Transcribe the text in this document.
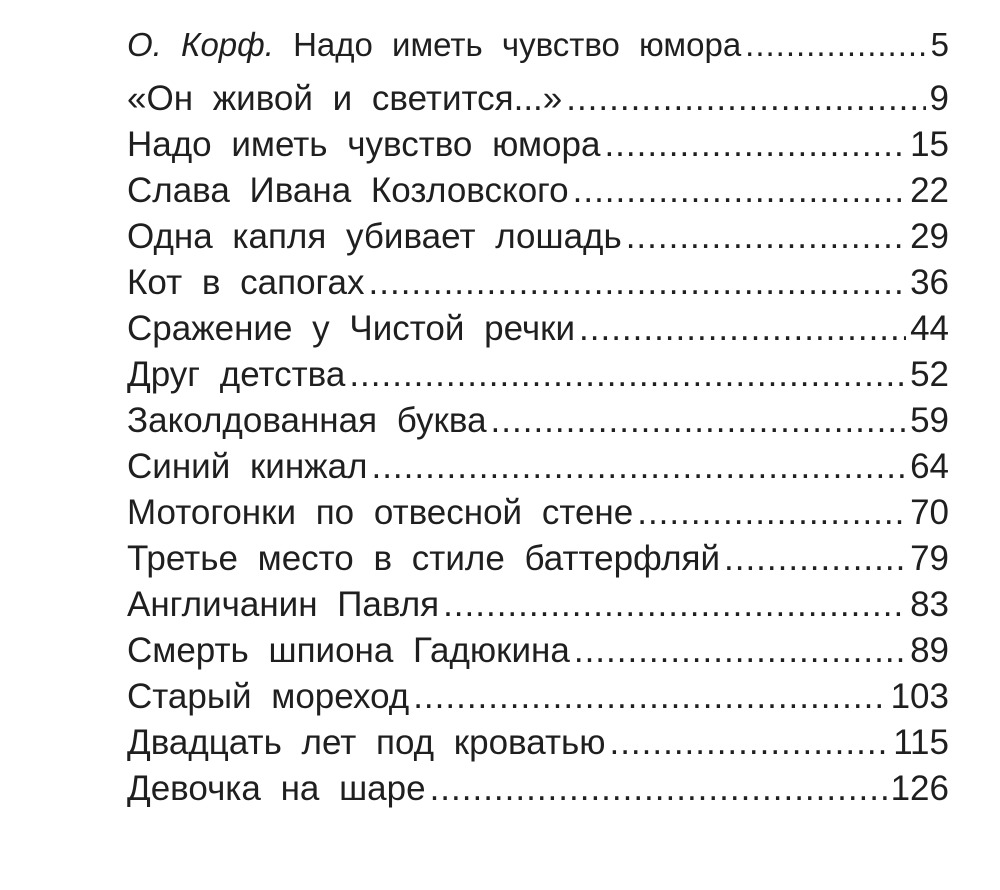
О. Корф. Надо иметь чувство юмора .....	5
«Он живой и светится...» .....	9
Надо иметь чувство юмора .....	15
Слава Ивана Козловского .....	22
Одна капля убивает лошадь .....	29
Кот в сапогах .....	36
Сражение у Чистой речки .....	44
Друг детства .....	52
Заколдованная буква .....	59
Синий кинжал .....	64
Мотогонки по отвесной стене .....	70
Третье место в стиле баттерфляй .....	79
Англичанин Павля .....	83
Смерть шпиона Гадюкина .....	89
Старый мореход .....	103
Двадцать лет под кроватью .....	115
Девочка на шаре .....	126
